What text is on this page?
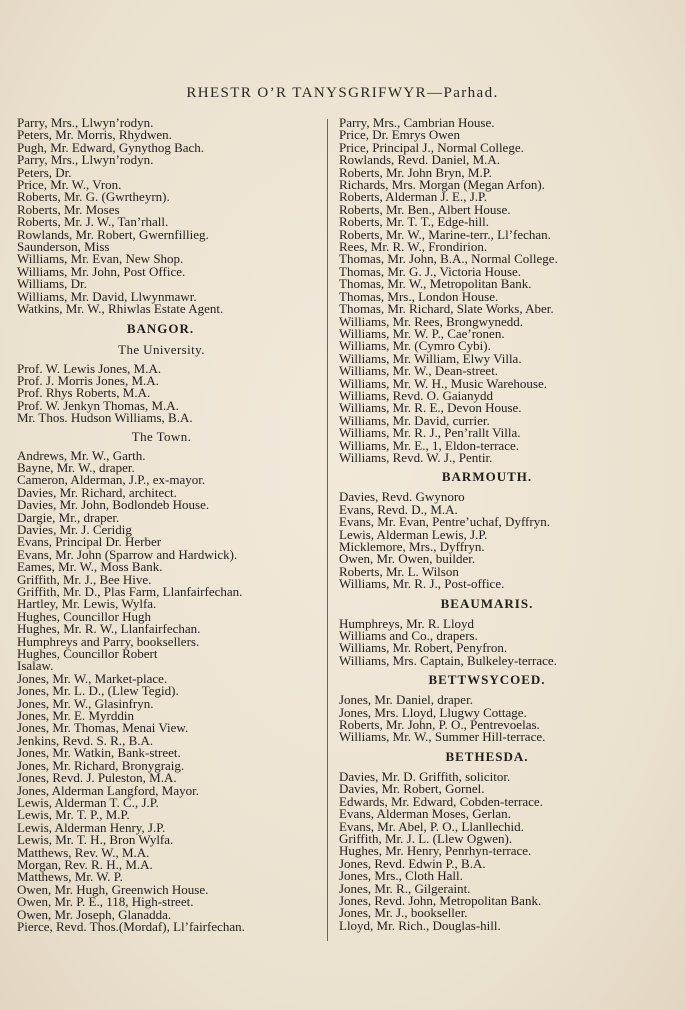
RHESTR O’R TANYSGRIFWYR—Parhad.
Parry, Mrs., Llwyn’rodyn.
Peters, Mr. Morris, Rhydwen.
Pugh, Mr. Edward, Gynythog Bach.
Parry, Mrs., Llwyn’rodyn.
Peters, Dr.
Price, Mr. W., Vron.
Roberts, Mr. G. (Gwrtheyrn).
Roberts, Mr. Moses
Roberts, Mr. J. W., Tan’rhall.
Rowlands, Mr. Robert, Gwernfillieg.
Saunderson, Miss
Williams, Mr. Evan, New Shop.
Williams, Mr. John, Post Office.
Williams, Dr.
Williams, Mr. David, Llwynmawr.
Watkins, Mr. W., Rhiwlas Estate Agent.
BANGOR.
The University.
Prof. W. Lewis Jones, M.A.
Prof. J. Morris Jones, M.A.
Prof. Rhys Roberts, M.A.
Prof. W. Jenkyn Thomas, M.A.
Mr. Thos. Hudson Williams, B.A.
The Town.
Andrews, Mr. W., Garth.
Bayne, Mr. W., draper.
Cameron, Alderman, J.P., ex-mayor.
Davies, Mr. Richard, architect.
Davies, Mr. John, Bodlondeb House.
Dargie, Mr., draper.
Davies, Mr. J. Ceridig
Evans, Principal Dr. Herber
Evans, Mr. John (Sparrow and Hardwick).
Eames, Mr. W., Moss Bank.
Griffith, Mr. J., Bee Hive.
Griffith, Mr. D., Plas Farm, Llanfairfechan.
Hartley, Mr. Lewis, Wylfa.
Hughes, Councillor Hugh
Hughes, Mr. R. W., Llanfairfechan.
Humphreys and Parry, booksellers.
Hughes, Councillor Robert
Isalaw.
Jones, Mr. W., Market-place.
Jones, Mr. L. D., (Llew Tegid).
Jones, Mr. W., Glasinfryn.
Jones, Mr. E. Myrddin
Jones, Mr. Thomas, Menai View.
Jenkins, Revd. S. R., B.A.
Jones, Mr. Watkin, Bank-street.
Jones, Mr. Richard, Bronygraig.
Jones, Revd. J. Puleston, M.A.
Jones, Alderman Langford, Mayor.
Lewis, Alderman T. C., J.P.
Lewis, Mr. T. P., M.P.
Lewis, Alderman Henry, J.P.
Lewis, Mr. T. H., Bron Wylfa.
Matthews, Rev. W., M.A.
Morgan, Rev. R. H., M.A.
Matthews, Mr. W. P.
Owen, Mr. Hugh, Greenwich House.
Owen, Mr. P. E., 118, High-street.
Owen, Mr. Joseph, Glanadda.
Pierce, Revd. Thos.(Mordaf), Ll’fairfechan.
Parry, Mrs., Cambrian House.
Price, Dr. Emrys Owen
Price, Principal J., Normal College.
Rowlands, Revd. Daniel, M.A.
Roberts, Mr. John Bryn, M.P.
Richards, Mrs. Morgan (Megan Arfon).
Roberts, Alderman J. E., J.P.
Roberts, Mr. Ben., Albert House.
Roberts, Mr. T. T., Edge-hill.
Roberts, Mr. W., Marine-terr., Ll’fechan.
Rees, Mr. R. W., Frondirion.
Thomas, Mr. John, B.A., Normal College.
Thomas, Mr. G. J., Victoria House.
Thomas, Mr. W., Metropolitan Bank.
Thomas, Mrs., London House.
Thomas, Mr. Richard, Slate Works, Aber.
Williams, Mr. Rees, Brongwynedd.
Williams, Mr. W. P., Cae’ronen.
Williams, Mr. (Cymro Cybi).
Williams, Mr. William, Elwy Villa.
Williams, Mr. W., Dean-street.
Williams, Mr. W. H., Music Warehouse.
Williams, Revd. O. Gaianydd
Williams, Mr. R. E., Devon House.
Williams, Mr. David, currier.
Williams, Mr. R. J., Pen’rallt Villa.
Williams, Mr. E., 1, Eldon-terrace.
Williams, Revd. W. J., Pentir.
BARMOUTH.
Davies, Revd. Gwynoro
Evans, Revd. D., M.A.
Evans, Mr. Evan, Pentre’uchaf, Dyffryn.
Lewis, Alderman Lewis, J.P.
Micklemore, Mrs., Dyffryn.
Owen, Mr. Owen, builder.
Roberts, Mr. L. Wilson
Williams, Mr. R. J., Post-office.
BEAUMARIS.
Humphreys, Mr. R. Lloyd
Williams and Co., drapers.
Williams, Mr. Robert, Penyfron.
Williams, Mrs. Captain, Bulkeley-terrace.
BETTWSYCOED.
Jones, Mr. Daniel, draper.
Jones, Mrs. Lloyd, Llugwy Cottage.
Roberts, Mr. John, P. O., Pentrevoelas.
Williams, Mr. W., Summer Hill-terrace.
BETHESDA.
Davies, Mr. D. Griffith, solicitor.
Davies, Mr. Robert, Gornel.
Edwards, Mr. Edward, Cobden-terrace.
Evans, Alderman Moses, Gerlan.
Evans, Mr. Abel, P. O., Llanllechid.
Griffith, Mr. J. L. (Llew Ogwen).
Hughes, Mr. Henry, Penrhyn-terrace.
Jones, Revd. Edwin P., B.A.
Jones, Mrs., Cloth Hall.
Jones, Mr. R., Gilgeraint.
Jones, Revd. John, Metropolitan Bank.
Jones, Mr. J., bookseller.
Lloyd, Mr. Rich., Douglas-hill.
